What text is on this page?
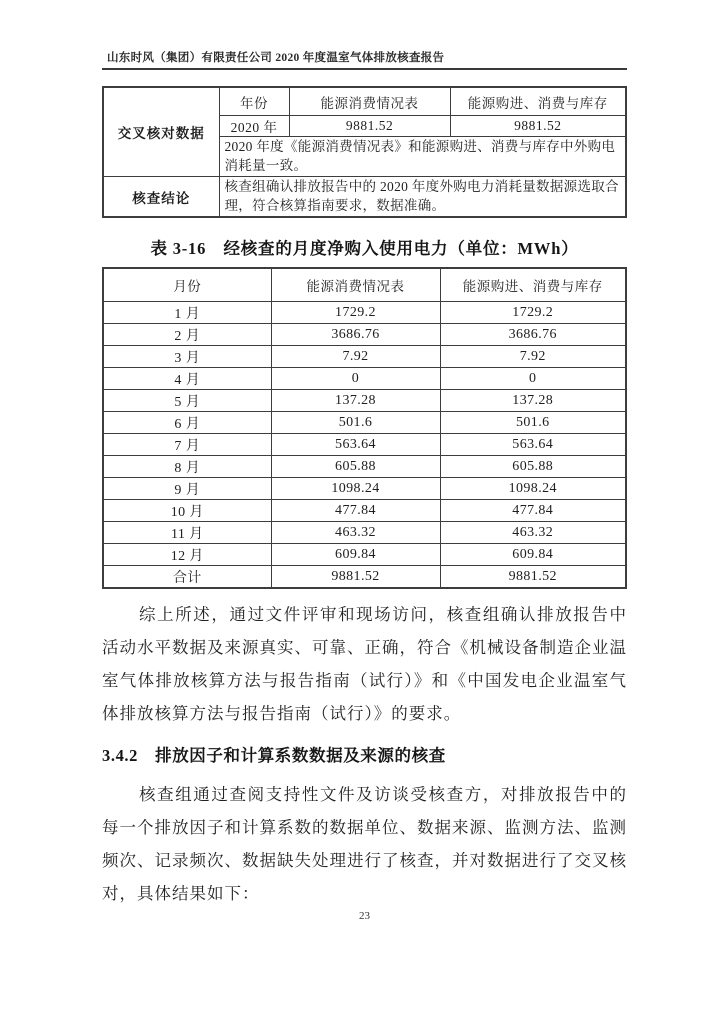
山东时风（集团）有限责任公司 2020 年度温室气体排放核查报告
交叉核对数据	年份	能源消费情况表	能源购进、消费与库存
	2020 年	9881.52	9881.52
	2020 年度《能源消费情况表》和能源购进、消费与库存中外购电消耗量一致。		
核查结论	核查组确认排放报告中的 2020 年度外购电力消耗量数据源选取合理，符合核算指南要求，数据准确。		
表 3-16　经核查的月度净购入使用电力（单位：MWh）
月份	能源消费情况表	能源购进、消费与库存
1 月	1729.2	1729.2
2 月	3686.76	3686.76
3 月	7.92	7.92
4 月	0	0
5 月	137.28	137.28
6 月	501.6	501.6
7 月	563.64	563.64
8 月	605.88	605.88
9 月	1098.24	1098.24
10 月	477.84	477.84
11 月	463.32	463.32
12 月	609.84	609.84
合计	9881.52	9881.52
综上所述，通过文件评审和现场访问，核查组确认排放报告中活动水平数据及来源真实、可靠、正确，符合《机械设备制造企业温室气体排放核算方法与报告指南（试行）》和《中国发电企业温室气体排放核算方法与报告指南（试行）》的要求。
3.4.2　排放因子和计算系数数据及来源的核查
核查组通过查阅支持性文件及访谈受核查方，对排放报告中的每一个排放因子和计算系数的数据单位、数据来源、监测方法、监测频次、记录频次、数据缺失处理进行了核查，并对数据进行了交叉核对，具体结果如下：
23
